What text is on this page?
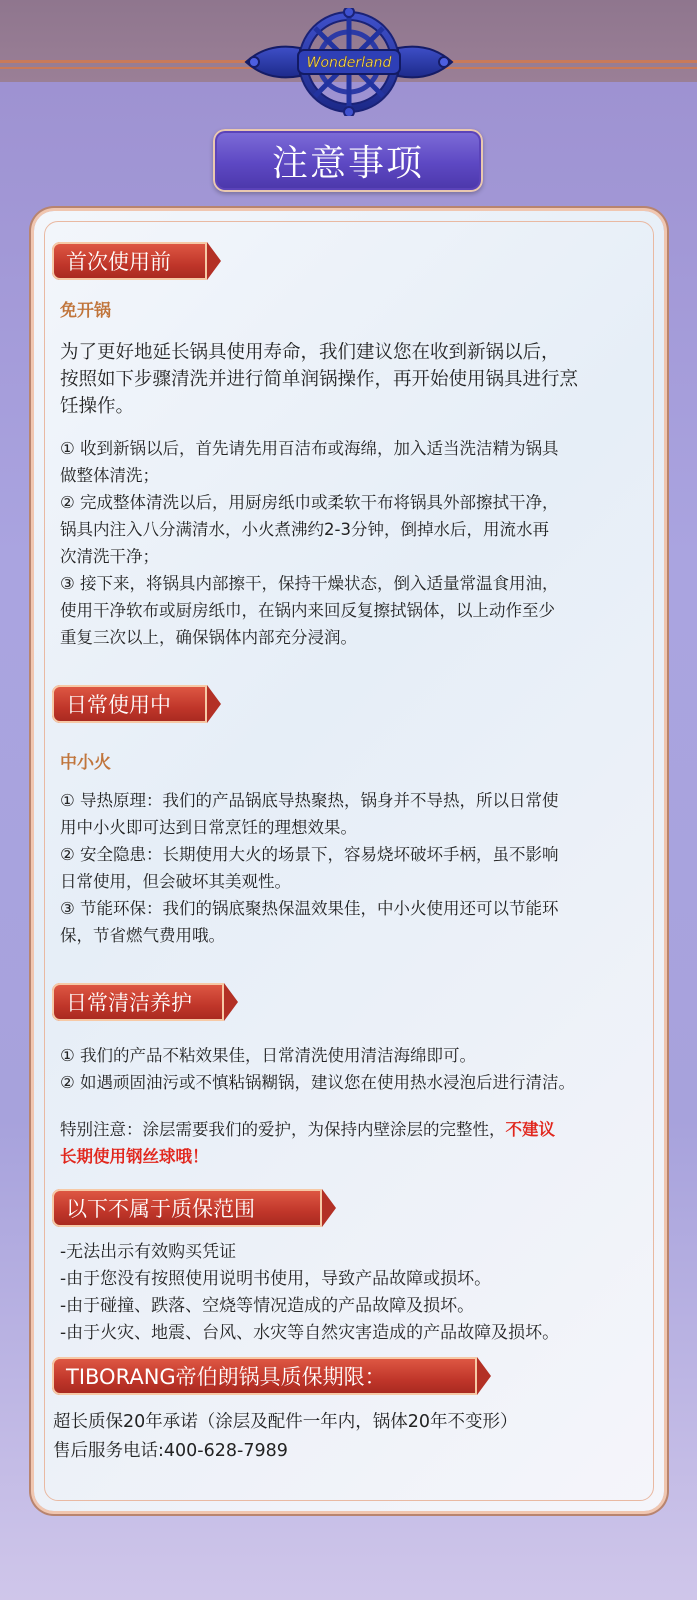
Wonderland
注意事项
首次使用前
免开锅

为了更好地延长锅具使用寿命，我们建议您在收到新锅以后，

按照如下步骤清洗并进行简单润锅操作，再开始使用锅具进行烹

饪操作。

① 收到新锅以后，首先请先用百洁布或海绵，加入适当洗洁精为锅具

做整体清洗；

② 完成整体清洗以后，用厨房纸巾或柔软干布将锅具外部擦拭干净，

锅具内注入八分满清水，小火煮沸约2-3分钟，倒掉水后，用流水再

次清洗干净；

③ 接下来，将锅具内部擦干，保持干燥状态，倒入适量常温食用油，

使用干净软布或厨房纸巾，在锅内来回反复擦拭锅体，以上动作至少

重复三次以上，确保锅体内部充分浸润。

日常使用中
中小火

① 导热原理：我们的产品锅底导热聚热，锅身并不导热，所以日常使

用中小火即可达到日常烹饪的理想效果。

② 安全隐患：长期使用大火的场景下，容易烧坏破坏手柄，虽不影响

日常使用，但会破坏其美观性。

③ 节能环保：我们的锅底聚热保温效果佳，中小火使用还可以节能环

保，节省燃气费用哦。

日常清洁养护

① 我们的产品不粘效果佳，日常清洗使用清洁海绵即可。

② 如遇顽固油污或不慎粘锅糊锅，建议您在使用热水浸泡后进行清洁。

特别注意：涂层需要我们的爱护，为保持内壁涂层的完整性，不建议

长期使用钢丝球哦！

以下不属于质保范围

-无法出示有效购买凭证

-由于您没有按照使用说明书使用，导致产品故障或损坏。

-由于碰撞、跌落、空烧等情况造成的产品故障及损坏。

-由于火灾、地震、台风、水灾等自然灾害造成的产品故障及损坏。

TIBORANG帝伯朗锅具质保期限：

超长质保20年承诺（涂层及配件一年内，锅体20年不变形）

售后服务电话:400-628-7989
